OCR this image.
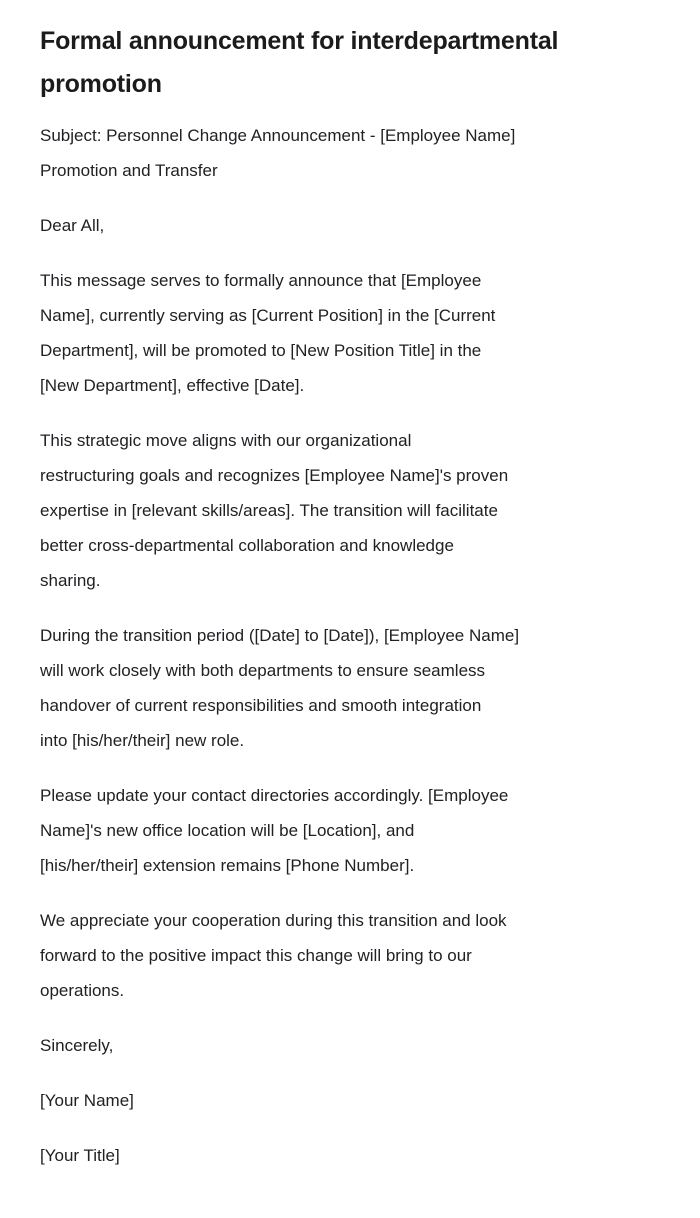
Formal announcement for interdepartmental
promotion

Subject: Personnel Change Announcement - [Employee Name]
Promotion and Transfer

Dear All,

This message serves to formally announce that [Employee
Name], currently serving as [Current Position] in the [Current
Department], will be promoted to [New Position Title] in the
[New Department], effective [Date].

This strategic move aligns with our organizational
restructuring goals and recognizes [Employee Name]'s proven
expertise in [relevant skills/areas]. The transition will facilitate
better cross-departmental collaboration and knowledge
sharing.

During the transition period ([Date] to [Date]), [Employee Name]
will work closely with both departments to ensure seamless
handover of current responsibilities and smooth integration
into [his/her/their] new role.

Please update your contact directories accordingly. [Employee
Name]'s new office location will be [Location], and
[his/her/their] extension remains [Phone Number].

We appreciate your cooperation during this transition and look
forward to the positive impact this change will bring to our
operations.

Sincerely,

[Your Name]

[Your Title]
